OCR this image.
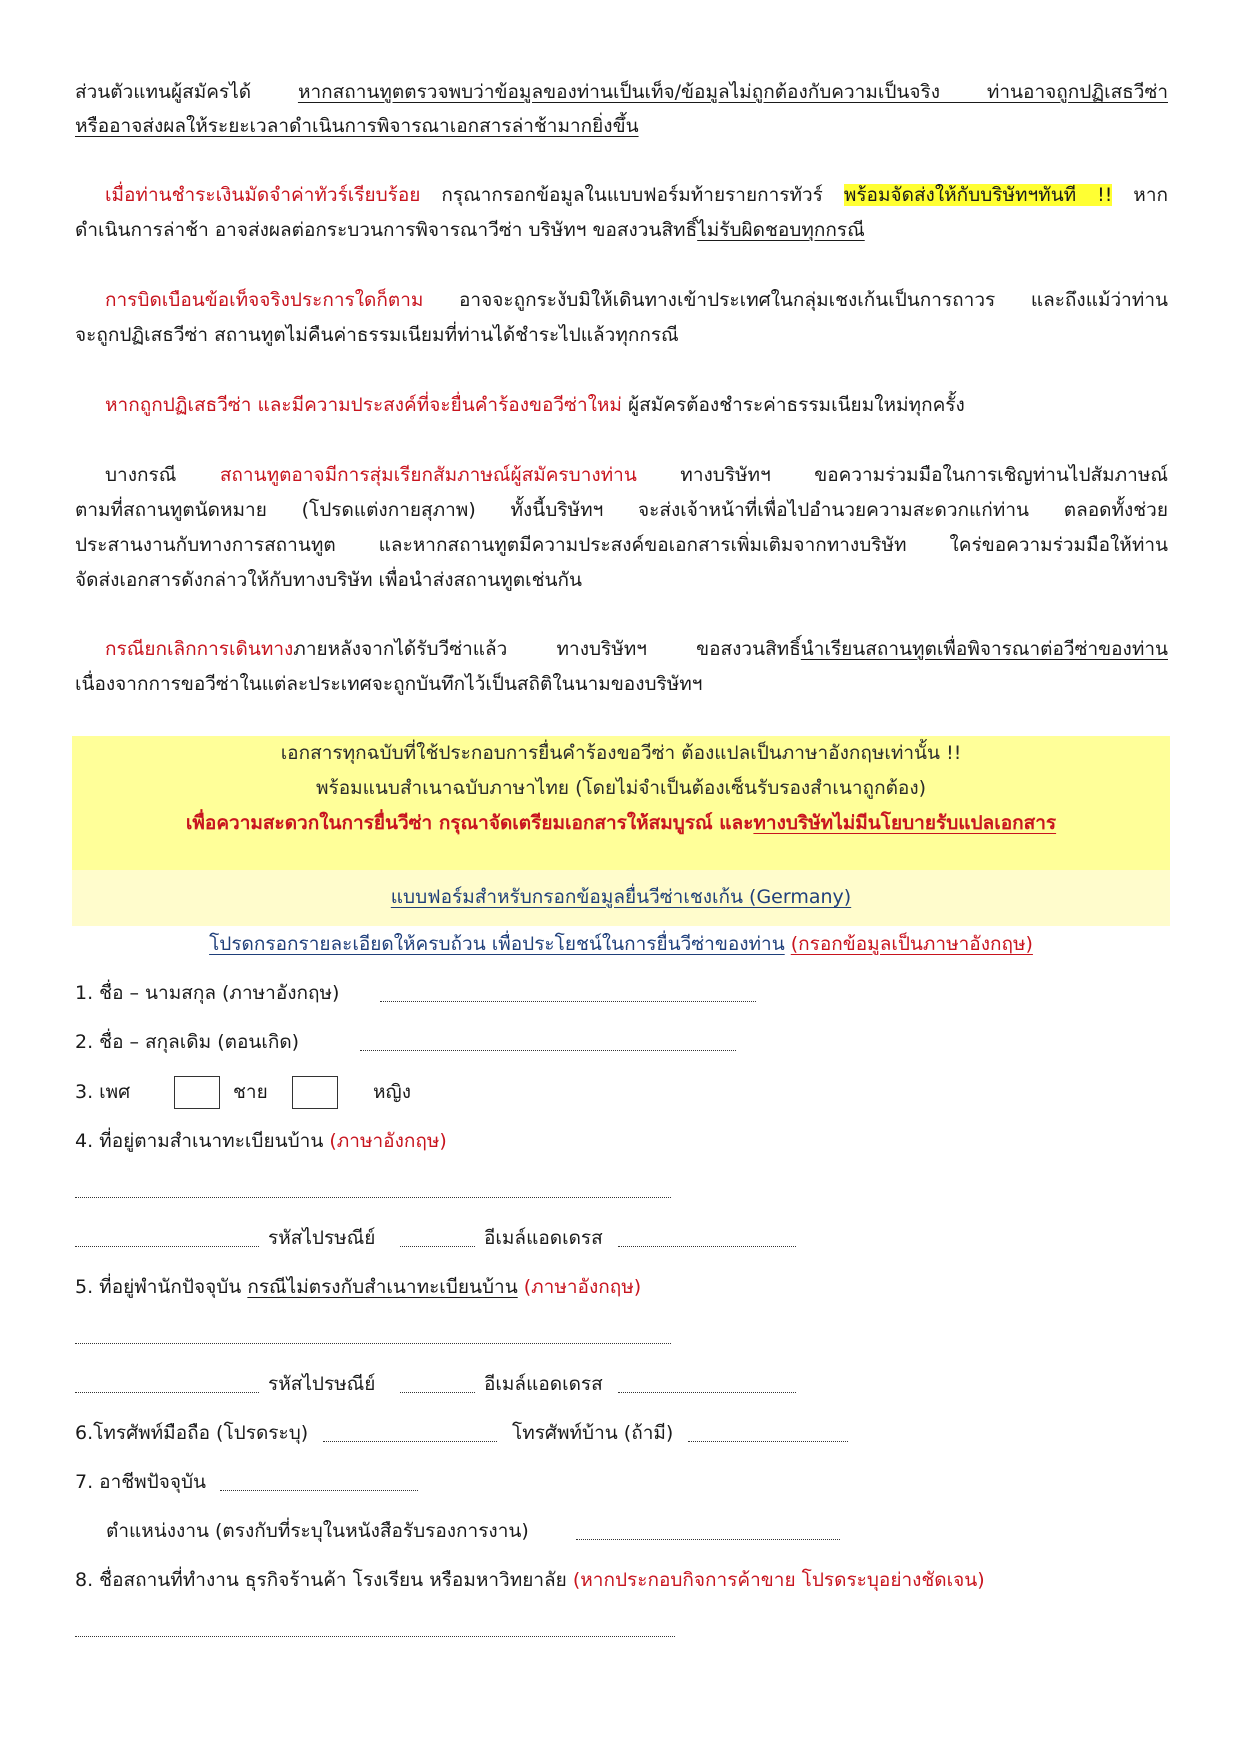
ส่วนตัวแทนผู้สมัครได้ หากสถานทูตตรวจพบว่าข้อมูลของท่านเป็นเท็จ/ข้อมูลไม่ถูกต้องกับความเป็นจริง ท่านอาจถูกปฏิเสธวีซ่า
หรืออาจส่งผลให้ระยะเวลาดำเนินการพิจารณาเอกสารล่าช้ามากยิ่งขึ้น
เมื่อท่านชำระเงินมัดจำค่าทัวร์เรียบร้อย กรุณากรอกข้อมูลในแบบฟอร์มท้ายรายการทัวร์ พร้อมจัดส่งให้กับบริษัทฯทันที !! หาก
ดำเนินการล่าช้า อาจส่งผลต่อกระบวนการพิจารณาวีซ่า บริษัทฯ ขอสงวนสิทธิ์ไม่รับผิดชอบทุกกรณี
การบิดเบือนข้อเท็จจริงประการใดก็ตาม อาจจะถูกระงับมิให้เดินทางเข้าประเทศในกลุ่มเชงเก้นเป็นการถาวร และถึงแม้ว่าท่าน
จะถูกปฏิเสธวีซ่า สถานทูตไม่คืนค่าธรรมเนียมที่ท่านได้ชำระไปแล้วทุกกรณี
หากถูกปฏิเสธวีซ่า และมีความประสงค์ที่จะยื่นคำร้องขอวีซ่าใหม่ ผู้สมัครต้องชำระค่าธรรมเนียมใหม่ทุกครั้ง
บางกรณี สถานทูตอาจมีการสุ่มเรียกสัมภาษณ์ผู้สมัครบางท่าน ทางบริษัทฯ ขอความร่วมมือในการเชิญท่านไปสัมภาษณ์
ตามที่สถานทูตนัดหมาย (โปรดแต่งกายสุภาพ) ทั้งนี้บริษัทฯ จะส่งเจ้าหน้าที่เพื่อไปอำนวยความสะดวกแก่ท่าน ตลอดทั้งช่วย
ประสานงานกับทางการสถานทูต และหากสถานทูตมีความประสงค์ขอเอกสารเพิ่มเติมจากทางบริษัท ใคร่ขอความร่วมมือให้ท่าน
จัดส่งเอกสารดังกล่าวให้กับทางบริษัท เพื่อนำส่งสถานทูตเช่นกัน
กรณียกเลิกการเดินทางภายหลังจากได้รับวีซ่าแล้ว ทางบริษัทฯ ขอสงวนสิทธิ์นำเรียนสถานทูตเพื่อพิจารณาต่อวีซ่าของท่าน
เนื่องจากการขอวีซ่าในแต่ละประเทศจะถูกบันทึกไว้เป็นสถิติในนามของบริษัทฯ
เอกสารทุกฉบับที่ใช้ประกอบการยื่นคำร้องขอวีซ่า ต้องแปลเป็นภาษาอังกฤษเท่านั้น !!
พร้อมแนบสำเนาฉบับภาษาไทย (โดยไม่จำเป็นต้องเซ็นรับรองสำเนาถูกต้อง)
เพื่อความสะดวกในการยื่นวีซ่า กรุณาจัดเตรียมเอกสารให้สมบูรณ์ และทางบริษัทไม่มีนโยบายรับแปลเอกสาร
แบบฟอร์มสำหรับกรอกข้อมูลยื่นวีซ่าเชงเก้น (Germany)
โปรดกรอกรายละเอียดให้ครบถ้วน เพื่อประโยชน์ในการยื่นวีซ่าของท่าน (กรอกข้อมูลเป็นภาษาอังกฤษ)
1. ชื่อ – นามสกุล (ภาษาอังกฤษ)
2. ชื่อ – สกุลเดิม (ตอนเกิด)
3. เพศ	ชาย	หญิง
4. ที่อยู่ตามสำเนาทะเบียนบ้าน (ภาษาอังกฤษ)
รหัสไปรษณีย์	อีเมล์แอดเดรส
5. ที่อยู่พำนักปัจจุบัน กรณีไม่ตรงกับสำเนาทะเบียนบ้าน (ภาษาอังกฤษ)
รหัสไปรษณีย์	อีเมล์แอดเดรส
6.โทรศัพท์มือถือ (โปรดระบุ)	โทรศัพท์บ้าน (ถ้ามี)
7. อาชีพปัจจุบัน
ตำแหน่งงาน (ตรงกับที่ระบุในหนังสือรับรองการงาน)
8. ชื่อสถานที่ทำงาน ธุรกิจร้านค้า โรงเรียน หรือมหาวิทยาลัย (หากประกอบกิจการค้าขาย โปรดระบุอย่างชัดเจน)
